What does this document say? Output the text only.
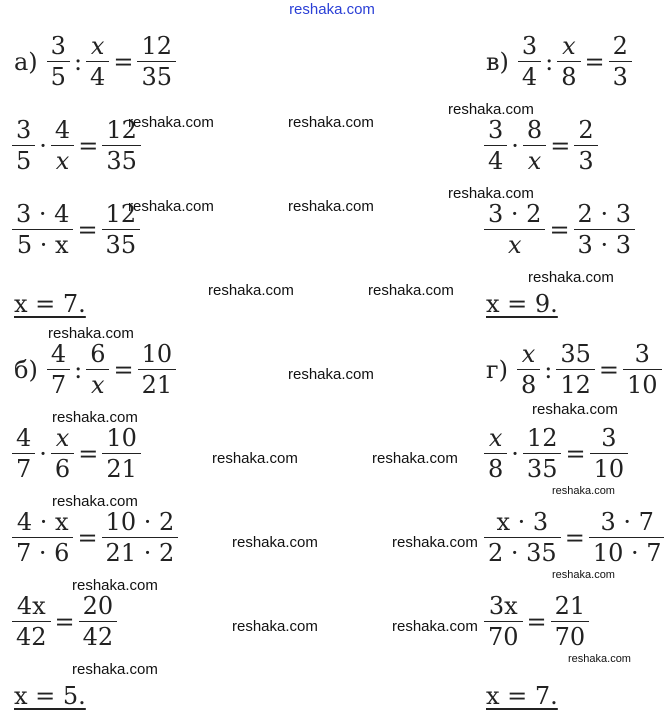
reshaka.com
$а) \frac{3}{5}$ : $\frac{x}{4} = \frac{12}{35}$
$\frac{3}{5} \cdot \frac{4}{x} = \frac{12}{35}$
$\frac{3 \cdot 4}{5 \cdot x} = \frac{12}{35}$
x = 7.
$б) \frac{4}{7}$ : $\frac{6}{x} = \frac{10}{21}$
$\frac{4}{7} \cdot \frac{x}{6} = \frac{10}{21}$
$\frac{4 \cdot x}{7 \cdot 6} = \frac{10 \cdot 2}{21 \cdot 2}$
$\frac{4x}{42} = \frac{20}{42}$
x = 5.
$в) \frac{3}{4}$ : $\frac{x}{8} = \frac{2}{3}$
$\frac{3}{4} \cdot \frac{8}{x} = \frac{2}{3}$
$\frac{3 \cdot 2}{x} = \frac{2 \cdot 3}{3 \cdot 3}$
x = 9.
$г) \frac{x}{8}$ : $\frac{35}{12} = \frac{3}{10}$
$\frac{x}{8} \cdot \frac{12}{35} = \frac{3}{10}$
$\frac{x \cdot 3}{2 \cdot 35} = \frac{3 \cdot 7}{10 \cdot 7}$
$\frac{3x}{70} = \frac{21}{70}$
x = 7.
reshaka.com	reshaka.com
reshaka.com
reshaka.com	reshaka.com
reshaka.com
reshaka.com	reshaka.com
reshaka.com
reshaka.com
reshaka.com
reshaka.com
reshaka.com
reshaka.com	reshaka.com
reshaka.com
reshaka.com
reshaka.com	reshaka.com
reshaka.com
reshaka.com
reshaka.com	reshaka.com
reshaka.com
reshaka.com
